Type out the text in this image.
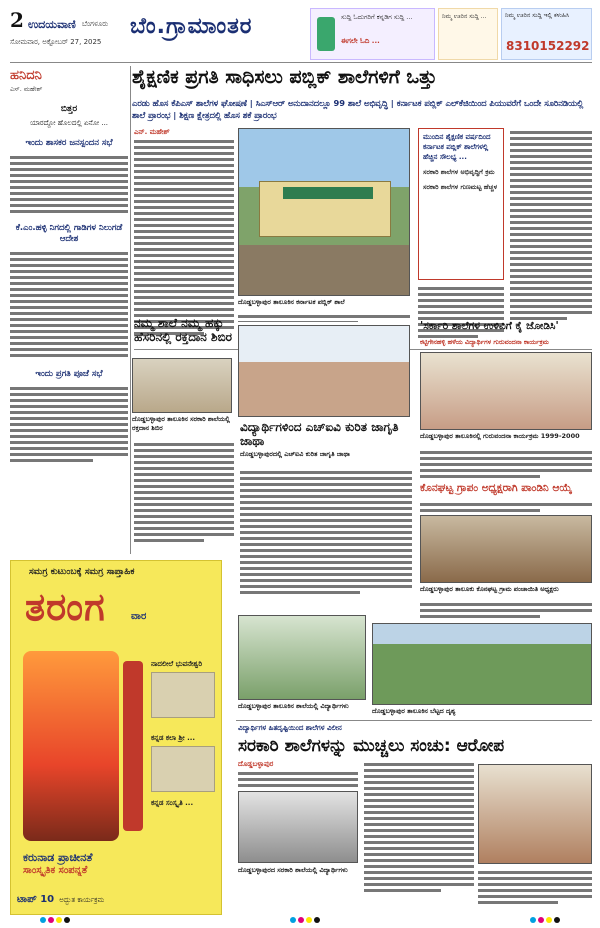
2 ಉದಯವಾಣಿ ಬೆಂಗಳೂರು
ಸೋಮವಾರ, ಅಕ್ಟೋಬರ್ 27, 2025
ಬೆಂ.ಗ್ರಾಮಾಂತರ	ಸುದ್ದಿ ಓದುಗರಿಗೆ ಕನ್ನಡಿಗ ಸುದ್ದಿ ...
ಈಗಲೇ ಓದಿ ...
ನಿಮ್ಮ ಊರಿನ ಸುದ್ದಿ ...	ನಿಮ್ಮ ಊರಿನ ಸುದ್ದಿ ಇಲ್ಲಿ ಕಳುಹಿಸಿ
8310152292
ಹನಿದನಿ
ಎಸ್. ಮಹೇಶ್
ಬಿತ್ತರ
ಯಾರದ್ದೋ ಹೊಲದಲ್ಲಿ ಏನೋ ...
ಇಂದು ಶಾಸಕರ ಜನಸ್ಪಂದನ ಸಭೆ
ಕೆ.ಎಂ.ಹಳ್ಳಿ ನಿಗದಲ್ಲಿ ಗಾಡಿಗಳ ನಿಲುಗಡೆ ಆದೇಶ
ಇಂದು ಪ್ರಗತಿ ಪೂಜೆ ಸಭೆ
ಶೈಕ್ಷಣಿಕ ಪ್ರಗತಿ ಸಾಧಿಸಲು ಪಬ್ಲಿಕ್ ಶಾಲೆಗಳಿಗೆ ಒತ್ತು
ಎರಡು ಹೊಸ ಕೆಪಿಎಸ್ ಶಾಲೆಗಳ ಘೋಷಣೆ | ಸಿಎಸ್‌ಆರ್ ಅನುದಾನದಲ್ಲೂ 99 ಶಾಲೆ ಅಭಿವೃದ್ಧಿ | ಕರ್ನಾಟಕ ಪಬ್ಲಿಕ್ ಎಲ್‌ಕೆಜಿಯಿಂದ ಪಿಯುವರೆಗೆ ಒಂದೇ ಸೂರಿನಡಿಯಲ್ಲಿ ಶಾಲೆ ಪ್ರಾರಂಭ | ಶಿಕ್ಷಣ ಕ್ಷೇತ್ರದಲ್ಲಿ ಹೊಸ ಶಕೆ ಪ್ರಾರಂಭ
ಎನ್. ಮಹೇಶ್
ದೊಡ್ಡಬಳ್ಳಾಪುರ ತಾಲೂಕಿನ ಕರ್ನಾಟಕ ಪಬ್ಲಿಕ್ ಶಾಲೆ
ಮುಂದಿನ ಶೈಕ್ಷಣಿಕ ವರ್ಷದಿಂದ ಕರ್ನಾಟಕ ಪಬ್ಲಿಕ್ ಶಾಲೆಗಳಲ್ಲಿ ಹೆಚ್ಚಿನ ಸೌಲಭ್ಯ ...
ಸರಕಾರಿ ಶಾಲೆಗಳ ಅಭಿವೃದ್ಧಿಗೆ ಕ್ರಮ
ಸರಕಾರಿ ಶಾಲೆಗಳ ಗುಣಮಟ್ಟ ಹೆಚ್ಚಳ
ನಮ್ಮ ಶಾಲೆ ನಮ್ಮ ಹಕ್ಕು ಹೆಸರಿನಲ್ಲಿ ರಕ್ತದಾನ ಶಿಬಿರ
ದೊಡ್ಡಬಳ್ಳಾಪುರ ತಾಲೂಕಿನ ಸರಕಾರಿ ಶಾಲೆಯಲ್ಲಿ ರಕ್ತದಾನ ಶಿಬಿರ	ವಿದ್ಯಾರ್ಥಿಗಳಿಂದ ಎಚ್‌ಐವಿ ಕುರಿತ ಜಾಗೃತಿ ಜಾಥಾ
ದೊಡ್ಡಬಳ್ಳಾಪುರದಲ್ಲಿ ಎಚ್‌ಐವಿ ಕುರಿತ ಜಾಗೃತಿ ಜಾಥಾ
'ಸರ್ಕಾರಿ ಶಾಲೆಗಳ ಉಳಿವಿಗೆ ಕೈ ಜೋಡಿಸಿ'
ಕಟ್ಟಿಗೇನಹಳ್ಳಿ ಹಳೆಯ ವಿದ್ಯಾರ್ಥಿಗಳ ಗುರುವಂದನಾ ಕಾರ್ಯಕ್ರಮ
ದೊಡ್ಡಬಳ್ಳಾಪುರ ತಾಲೂಕಿನಲ್ಲಿ ಗುರುವಂದನಾ ಕಾರ್ಯಕ್ರಮ 1999-2000
ಕೊನಘಟ್ಟ ಗ್ರಾಪಂ ಅಧ್ಯಕ್ಷರಾಗಿ ಪಾಂಡಿನಿ ಆಯ್ಕೆ
ದೊಡ್ಡಬಳ್ಳಾಪುರ ತಾಲೂಕು ಕೊನಘಟ್ಟ ಗ್ರಾಮ ಪಂಚಾಯಿತಿ ಅಧ್ಯಕ್ಷರು
ದೊಡ್ಡಬಳ್ಳಾಪುರ ತಾಲೂಕಿನ ಶಾಲೆಯಲ್ಲಿ ವಿದ್ಯಾರ್ಥಿಗಳು
ದೊಡ್ಡಬಳ್ಳಾಪುರ ತಾಲೂಕಿನ ಬೆಟ್ಟದ ದೃಶ್ಯ
ವಿದ್ಯಾರ್ಥಿಗಳ ಹಿತದೃಷ್ಟಿಯಿಂದ ಶಾಲೆಗಳ ವಿಲೀನ
ಸರಕಾರಿ ಶಾಲೆಗಳನ್ನು ಮುಚ್ಚಲು ಸಂಚು: ಆರೋಪ
ದೊಡ್ಡಬಳ್ಳಾಪುರ
ದೊಡ್ಡಬಳ್ಳಾಪುರದ ಸರಕಾರಿ ಶಾಲೆಯಲ್ಲಿ ವಿದ್ಯಾರ್ಥಿಗಳು
ಸಮಗ್ರ ಕುಟುಂಬಕ್ಕೆ ಸಮಗ್ರ ಸಾಪ್ತಾಹಿಕ
ತರಂಗ	ವಾರ
ನಾದಲೀಲೆ ಭುವನೇಶ್ವರಿ
ಕನ್ನಡ ಕಲಾ ಶ್ರೀ ...
ಕನ್ನಡ ಸಂಸ್ಕೃತಿ ...
ಕರುನಾಡ ಪ್ರಾಚೀನತೆ
ಸಾಂಸ್ಕೃತಿಕ ಸಂಪನ್ನತೆ
ಟಾಪ್ 10 ಅದ್ಭುತ ಕಾರ್ಯಕ್ರಮ
